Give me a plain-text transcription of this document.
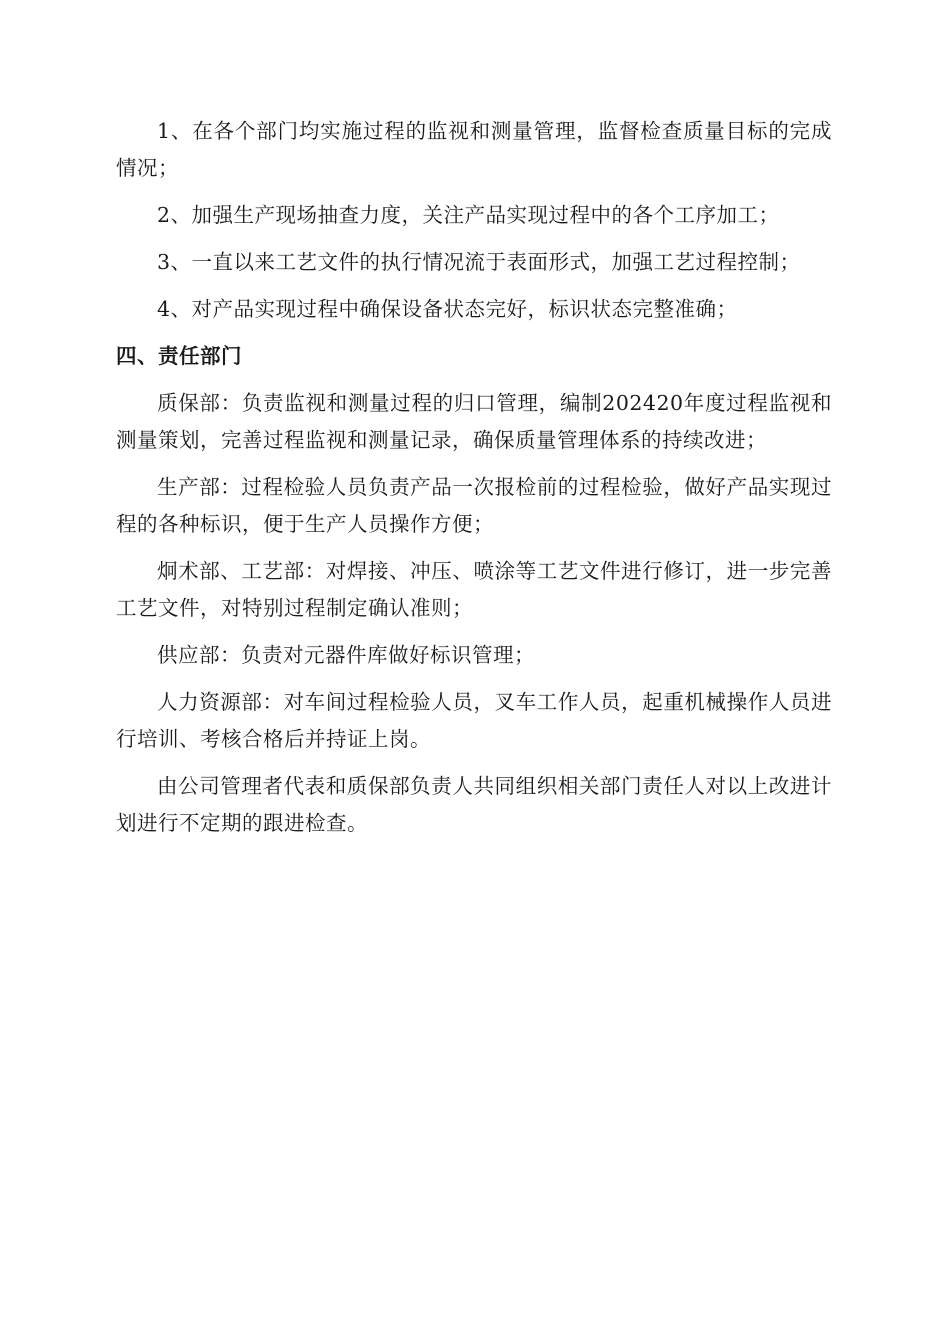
1、在各个部门均实施过程的监视和测量管理，监督检查质量目标的完成情况；

2、加强生产现场抽查力度，关注产品实现过程中的各个工序加工；

3、一直以来工艺文件的执行情况流于表面形式，加强工艺过程控制；

4、对产品实现过程中确保设备状态完好，标识状态完整准确；

四、责任部门

质保部：负责监视和测量过程的归口管理，编制202420年度过程监视和测量策划，完善过程监视和测量记录，确保质量管理体系的持续改进；

生产部：过程检验人员负责产品一次报检前的过程检验，做好产品实现过程的各种标识，便于生产人员操作方便；

炯术部、工艺部：对焊接、冲压、喷涂等工艺文件进行修订，进一步完善工艺文件，对特别过程制定确认准则；

供应部：负责对元器件库做好标识管理；

人力资源部：对车间过程检验人员，叉车工作人员，起重机械操作人员进行培训、考核合格后并持证上岗。

由公司管理者代表和质保部负责人共同组织相关部门责任人对以上改进计划进行不定期的跟进检查。
